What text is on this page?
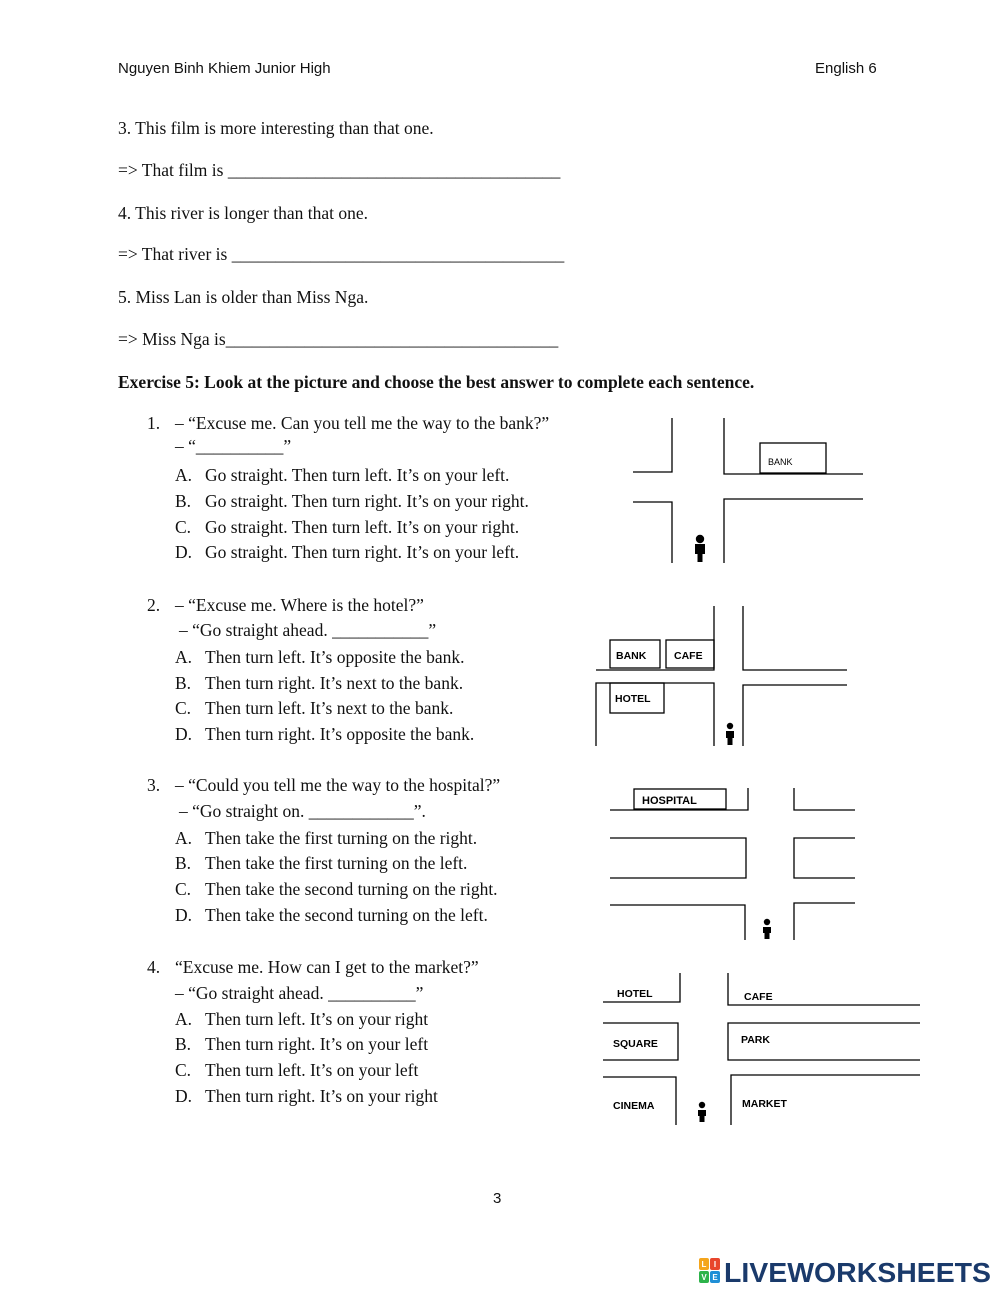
Nguyen Binh Khiem Junior High	English 6
3. This film is more interesting than that one.
=> That film is ______________________________________
4. This river is longer than that one.
=> That river is ______________________________________
5. Miss Lan is older than Miss Nga.
=> Miss Nga is______________________________________
Exercise 5: Look at the picture and choose the best answer to complete each sentence.
1. – “Excuse me. Can you tell me the way to the bank?”
– “__________”
A. Go straight. Then turn left. It’s on your left.
B. Go straight. Then turn right. It’s on your right.
C. Go straight. Then turn left. It’s on your right.
D. Go straight. Then turn right. It’s on your left.
BANK
2. – “Excuse me. Where is the hotel?”
– “Go straight ahead. ___________”
A. Then turn left. It’s opposite the bank.
B. Then turn right. It’s next to the bank.
C. Then turn left. It’s next to the bank.
D. Then turn right. It’s opposite the bank.
BANK	CAFE
HOTEL
3. – “Could you tell me the way to the hospital?”
– “Go straight on. ____________”.
A. Then take the first turning on the right.
B. Then take the first turning on the left.
C. Then take the second turning on the right.
D. Then take the second turning on the left.
HOSPITAL
4. “Excuse me. How can I get to the market?”
– “Go straight ahead. __________”
A. Then turn left. It’s on your right
B. Then turn right. It’s on your left
C. Then turn left. It’s on your left
D. Then turn right. It’s on your right
HOTEL	CAFE
SQUARE	PARK
CINEMA	MARKET
3
L I
V E LIVEWORKSHEETS
